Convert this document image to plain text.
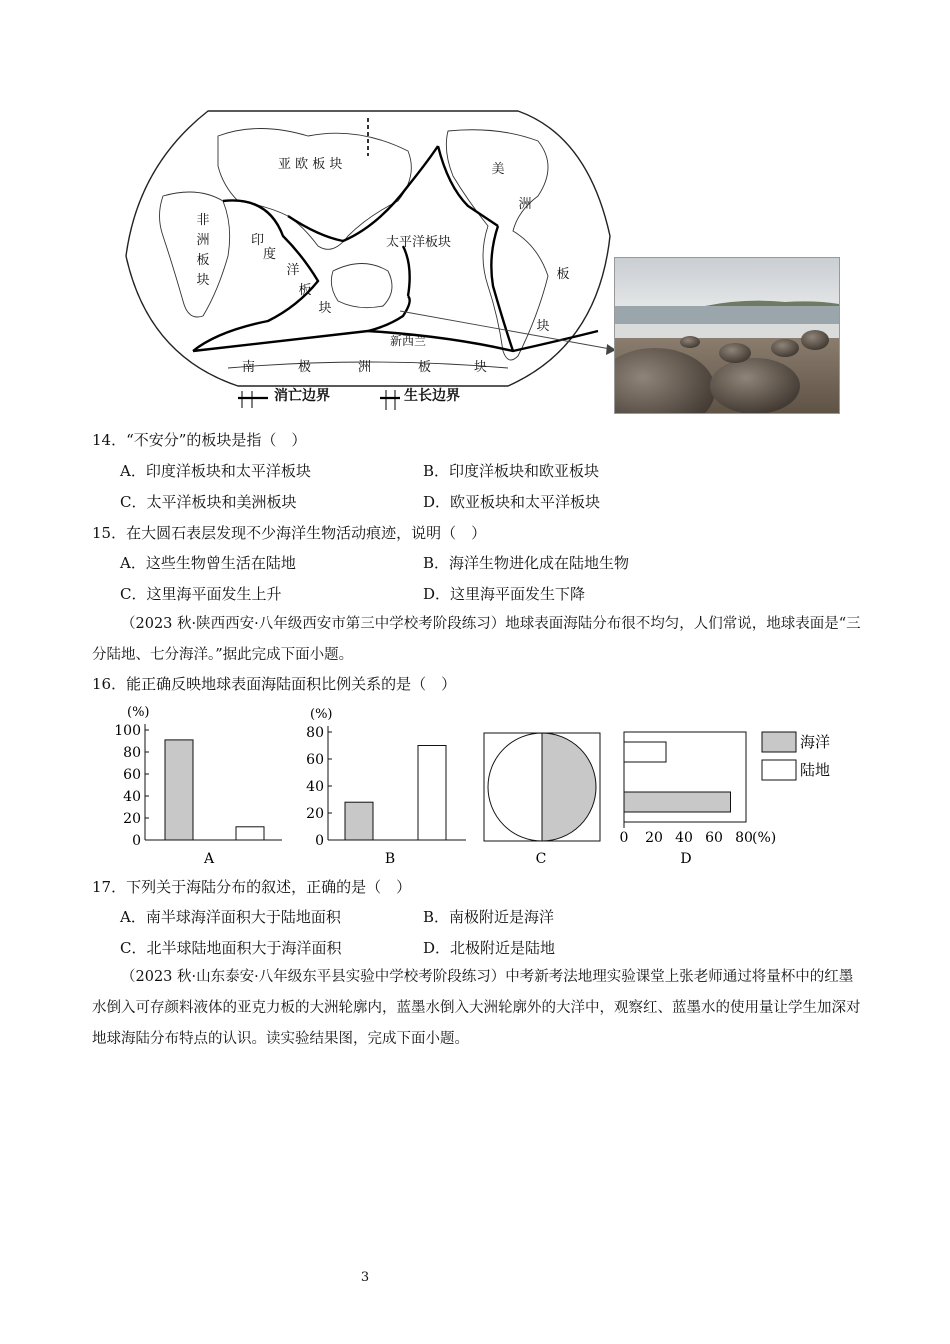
亚 欧 板 块
非
洲
板
块
印
度
洋
板
块
太平洋板块
美
洲
板
块
新西兰
南	极	洲	板	块
消亡边界	生长边界
14．“不安分”的板块是指（　）
A．印度洋板块和太平洋板块	B．印度洋板块和欧亚板块
C．太平洋板块和美洲板块	D．欧亚板块和太平洋板块
15．在大圆石表层发现不少海洋生物活动痕迹，说明（　）
A．这些生物曾生活在陆地	B．海洋生物进化成在陆地生物
C．这里海平面发生上升	D．这里海平面发生下降
（2023 秋·陕西西安·八年级西安市第三中学校考阶段练习）地球表面海陆分布很不均匀，人们常说，地球表面是“三分陆地、七分海洋。”据此完成下面小题。
16．能正确反映地球表面海陆面积比例关系的是（　）
(%)
0
20
40
60
80
100
(%)
0
20
40
60
80
0 20 40 60 80 (%)
海洋
陆地
A	B	C	D
17．下列关于海陆分布的叙述，正确的是（　）
A．南半球海洋面积大于陆地面积	B．南极附近是海洋
C．北半球陆地面积大于海洋面积	D．北极附近是陆地
（2023 秋·山东泰安·八年级东平县实验中学校考阶段练习）中考新考法地理实验课堂上张老师通过将量杯中的红墨水倒入可存颜料液体的亚克力板的大洲轮廓内，蓝墨水倒入大洲轮廓外的大洋中，观察红、蓝墨水的使用量让学生加深对地球海陆分布特点的认识。读实验结果图，完成下面小题。
3
